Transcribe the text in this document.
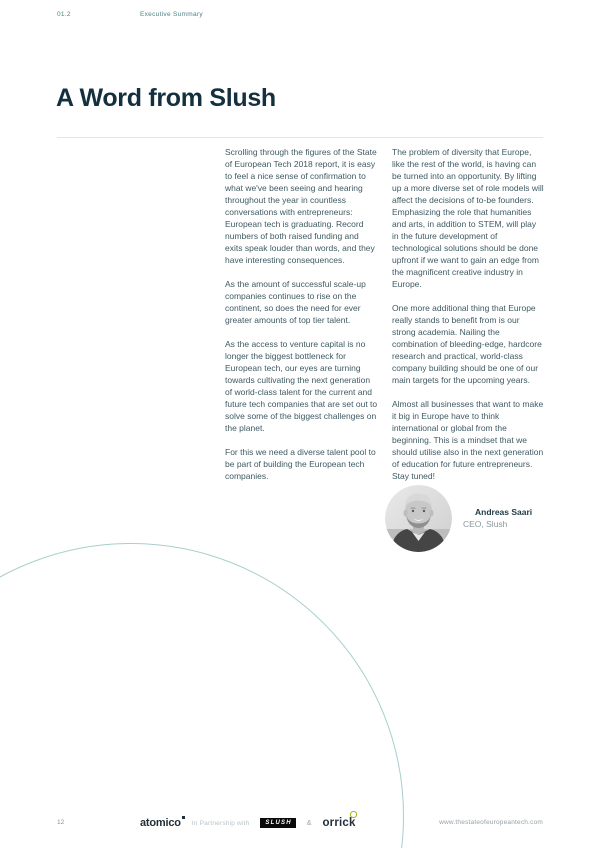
01.2	Executive Summary
A Word from Slush

Scrolling through the figures of the State of European Tech 2018 report, it is easy to feel a nice sense of confirmation to what we've been seeing and hearing throughout the year in countless conversations with entrepreneurs: European tech is graduating. Record numbers of both raised funding and exits speak louder than words, and they have interesting consequences.

As the amount of successful scale-up companies continues to rise on the continent, so does the need for ever greater amounts of top tier talent.

As the access to venture capital is no longer the biggest bottleneck for European tech, our eyes are turning towards cultivating the next generation of world-class talent for the current and future tech companies that are set out to solve some of the biggest challenges on the planet.

For this we need a diverse talent pool to be part of building the European tech companies.

The problem of diversity that Europe, like the rest of the world, is having can be turned into an opportunity. By lifting up a more diverse set of role models will affect the decisions of to-be founders. Emphasizing the role that humanities and arts, in addition to STEM, will play in the future development of technological solutions should be done upfront if we want to gain an edge from the magnificent creative industry in Europe.

One more additional thing that Europe really stands to benefit from is our strong academia. Nailing the combination of bleeding-edge, hardcore research and practical, world-class company building should be one of our main targets for the upcoming years.

Almost all businesses that want to make it big in Europe have to think international or global from the beginning. This is a mindset that we should utilise also in the next generation of education for future entrepreneurs. Stay tuned!

Andreas Saari
CEO, Slush
12	atomico In Partnership with	SLUSH	& orrick	www.thestateofeuropeantech.com
